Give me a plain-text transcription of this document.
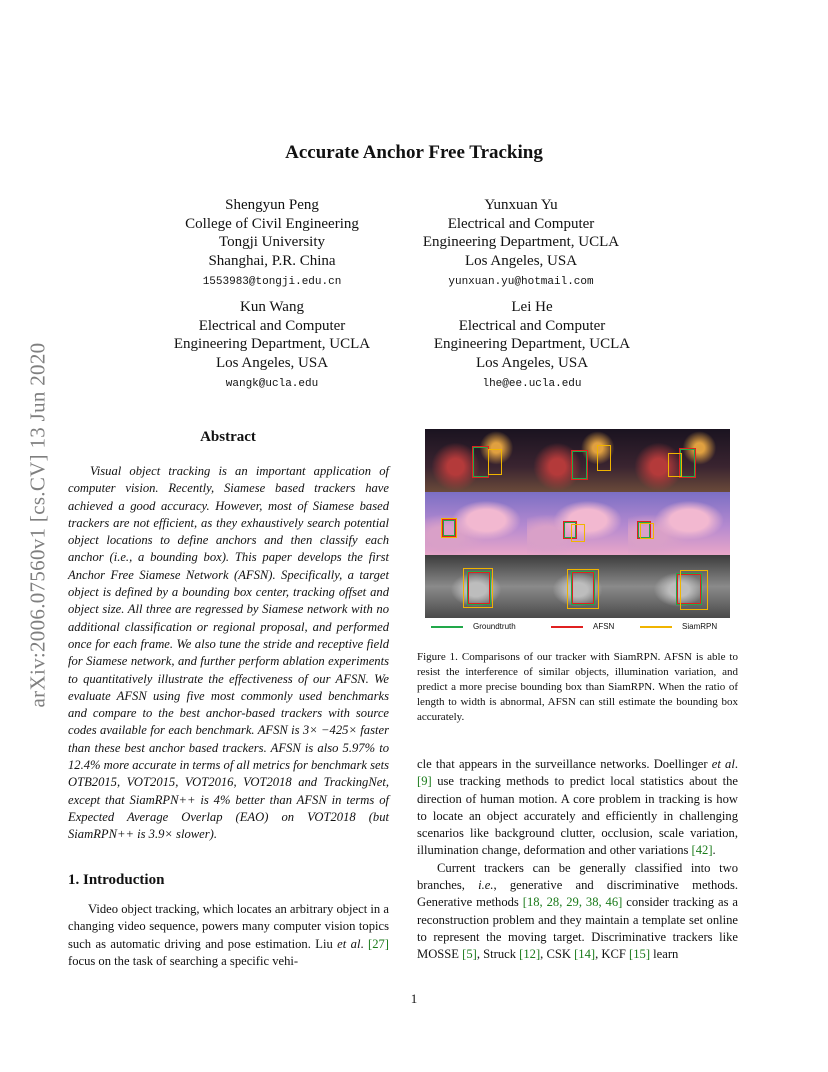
arXiv:2006.07560v1 [cs.CV] 13 Jun 2020
Accurate Anchor Free Tracking
Shengyun Peng
College of Civil Engineering
Tongji University
Shanghai, P.R. China
1553983@tongji.edu.cn
Yunxuan Yu
Electrical and Computer
Engineering Department, UCLA
Los Angeles, USA
yunxuan.yu@hotmail.com
Kun Wang
Electrical and Computer
Engineering Department, UCLA
Los Angeles, USA
wangk@ucla.edu
Lei He
Electrical and Computer
Engineering Department, UCLA
Los Angeles, USA
lhe@ee.ucla.edu
Abstract

Visual object tracking is an important application of computer vision. Recently, Siamese based trackers have achieved a good accuracy. However, most of Siamese based trackers are not efficient, as they exhaustively search potential object locations to define anchors and then classify each anchor (i.e., a bounding box). This paper develops the first Anchor Free Siamese Network (AFSN). Specifically, a target object is defined by a bounding box center, tracking offset and object size. All three are regressed by Siamese network with no additional classification or regional proposal, and performed once for each frame. We also tune the stride and receptive field for Siamese network, and further perform ablation experiments to quantitatively illustrate the effectiveness of our AFSN. We evaluate AFSN using five most commonly used benchmarks and compare to the best anchor-based trackers with source codes available for each benchmark. AFSN is 3× −425× faster than these best anchor based trackers. AFSN is also 5.97% to 12.4% more accurate in terms of all metrics for benchmark sets OTB2015, VOT2015, VOT2016, VOT2018 and TrackingNet, except that SiamRPN++ is 4% better than AFSN in terms of Expected Average Overlap (EAO) on VOT2018 (but SiamRPN++ is 3.9× slower).

1. Introduction

Video object tracking, which locates an arbitrary object in a changing video sequence, powers many computer vision topics such as automatic driving and pose estimation. Liu et al. [27] focus on the task of searching a specific vehi-

Groundtruth	AFSN	SiamRPN
Figure 1. Comparisons of our tracker with SiamRPN. AFSN is able to resist the interference of similar objects, illumination variation, and predict a more precise bounding box than SiamRPN. When the ratio of length to width is abnormal, AFSN can still estimate the bounding box accurately.

cle that appears in the surveillance networks. Doellinger et al. [9] use tracking methods to predict local statistics about the direction of human motion. A core problem in tracking is how to locate an object accurately and efficiently in challenging scenarios like background clutter, occlusion, scale variation, illumination change, deformation and other variations [42].

Current trackers can be generally classified into two branches, i.e., generative and discriminative methods. Generative methods [18, 28, 29, 38, 46] consider tracking as a reconstruction problem and they maintain a template set online to represent the moving target. Discriminative trackers like MOSSE [5], Struck [12], CSK [14], KCF [15] learn

1
